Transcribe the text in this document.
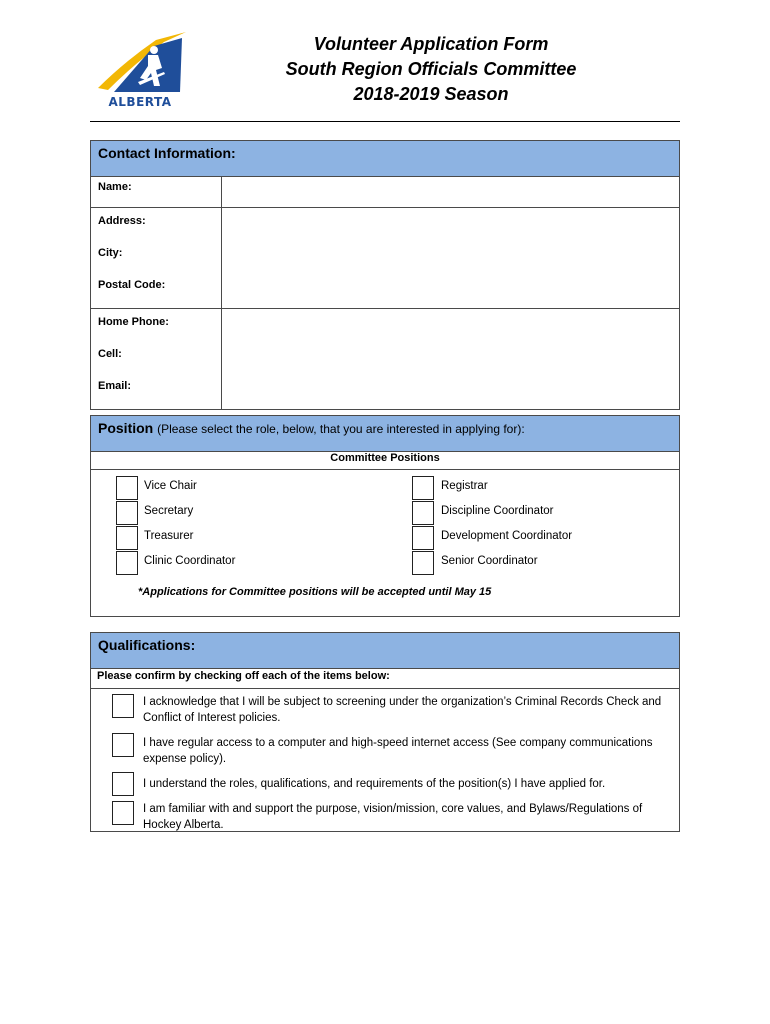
ALBERTA
Volunteer Application Form
South Region Officials Committee
2018-2019 Season
Contact Information:
Name:	

Address:
City:
Postal Code:	

Home Phone:
Cell:
Email:	

Position (Please select the role, below, that you are interested in applying for):
Committee Positions
Vice Chair
Secretary
Treasurer
Clinic Coordinator
Registrar
Discipline Coordinator
Development Coordinator
Senior Coordinator
*Applications for Committee positions will be accepted until May 15
Qualifications:
Please confirm by checking off each of the items below:
I acknowledge that I will be subject to screening under the organization’s Criminal Records Check and Conflict of Interest policies.
I have regular access to a computer and high-speed internet access (See company communications expense policy).
I understand the roles, qualifications, and requirements of the position(s) I have applied for.
I am familiar with and support the purpose, vision/mission, core values, and Bylaws/Regulations of Hockey Alberta.
